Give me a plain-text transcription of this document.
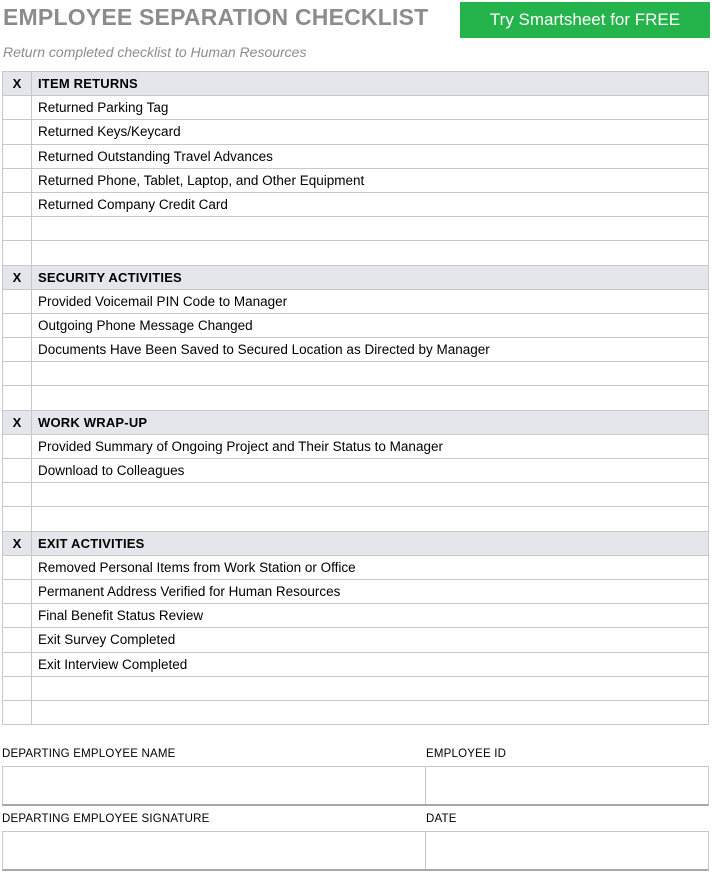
EMPLOYEE SEPARATION CHECKLIST	Try Smartsheet for FREE
Return completed checklist to Human Resources
X	ITEM RETURNS
	Returned Parking Tag
	Returned Keys/Keycard
	Returned Outstanding Travel Advances
	Returned Phone, Tablet, Laptop, and Other Equipment
	Returned Company Credit Card

X	SECURITY ACTIVITIES
	Provided Voicemail PIN Code to Manager
	Outgoing Phone Message Changed
	Documents Have Been Saved to Secured Location as Directed by Manager

X	WORK WRAP-UP
	Provided Summary of Ongoing Project and Their Status to Manager
	Download to Colleagues

X	EXIT ACTIVITIES
	Removed Personal Items from Work Station or Office
	Permanent Address Verified for Human Resources
	Final Benefit Status Review
	Exit Survey Completed
	Exit Interview Completed

DEPARTING EMPLOYEE NAME	EMPLOYEE ID
DEPARTING EMPLOYEE SIGNATURE	DATE
